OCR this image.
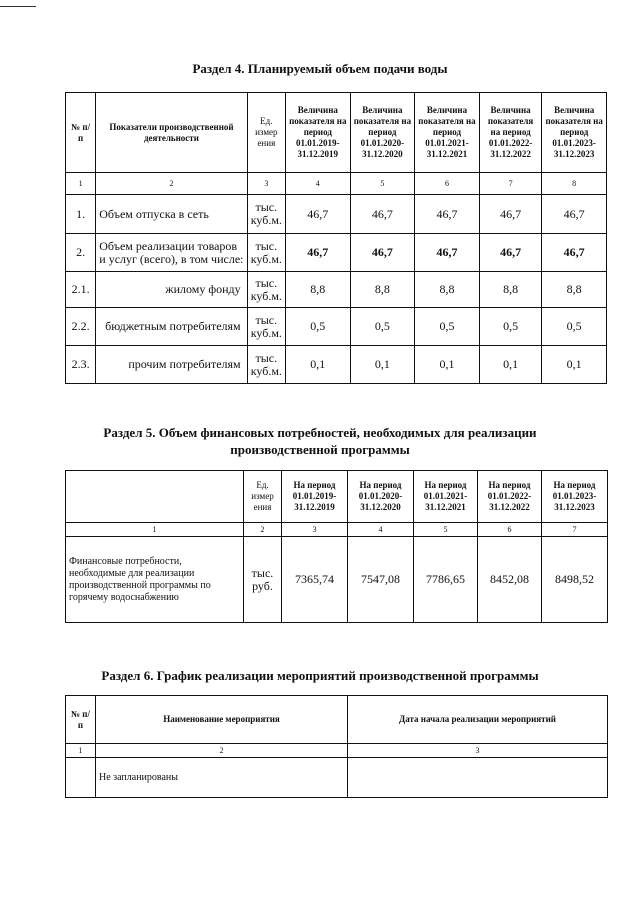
Раздел 4. Планируемый объем подачи воды
№ п/п	Показатели производственной деятельности	Ед. измер ения	Величина показателя на период 01.01.2019-31.12.2019	Величина показателя на период 01.01.2020-31.12.2020	Величина показателя на период 01.01.2021-31.12.2021	Величина показателя на период 01.01.2022-31.12.2022	Величина показателя на период 01.01.2023-31.12.2023
1	2	3	4	5	6	7	8
1.	Объем отпуска в сеть	тыс. куб.м.	46,7	46,7	46,7	46,7	46,7
2.	Объем реализации товаров и услуг (всего), в том числе:	тыс. куб.м.	46,7	46,7	46,7	46,7	46,7
2.1.	жилому фонду	тыс. куб.м.	8,8	8,8	8,8	8,8	8,8
2.2.	бюджетным потребителям	тыс. куб.м.	0,5	0,5	0,5	0,5	0,5
2.3.	прочим потребителям	тыс. куб.м.	0,1	0,1	0,1	0,1	0,1
Раздел 5. Объем финансовых потребностей, необходимых для реализации
производственной программы
	Ед. измер ения	На период 01.01.2019-31.12.2019	На период 01.01.2020-31.12.2020	На период 01.01.2021-31.12.2021	На период 01.01.2022-31.12.2022	На период 01.01.2023-31.12.2023
1	2	3	4	5	6	7
Финансовые потребности, необходимые для реализации производственной программы по горячему водоснабжению	тыс. руб.	7365,74	7547,08	7786,65	8452,08	8498,52
Раздел 6. График реализации мероприятий производственной программы
№ п/п	Наименование мероприятия	Дата начала реализации мероприятий
1	2	3
	Не запланированы	
